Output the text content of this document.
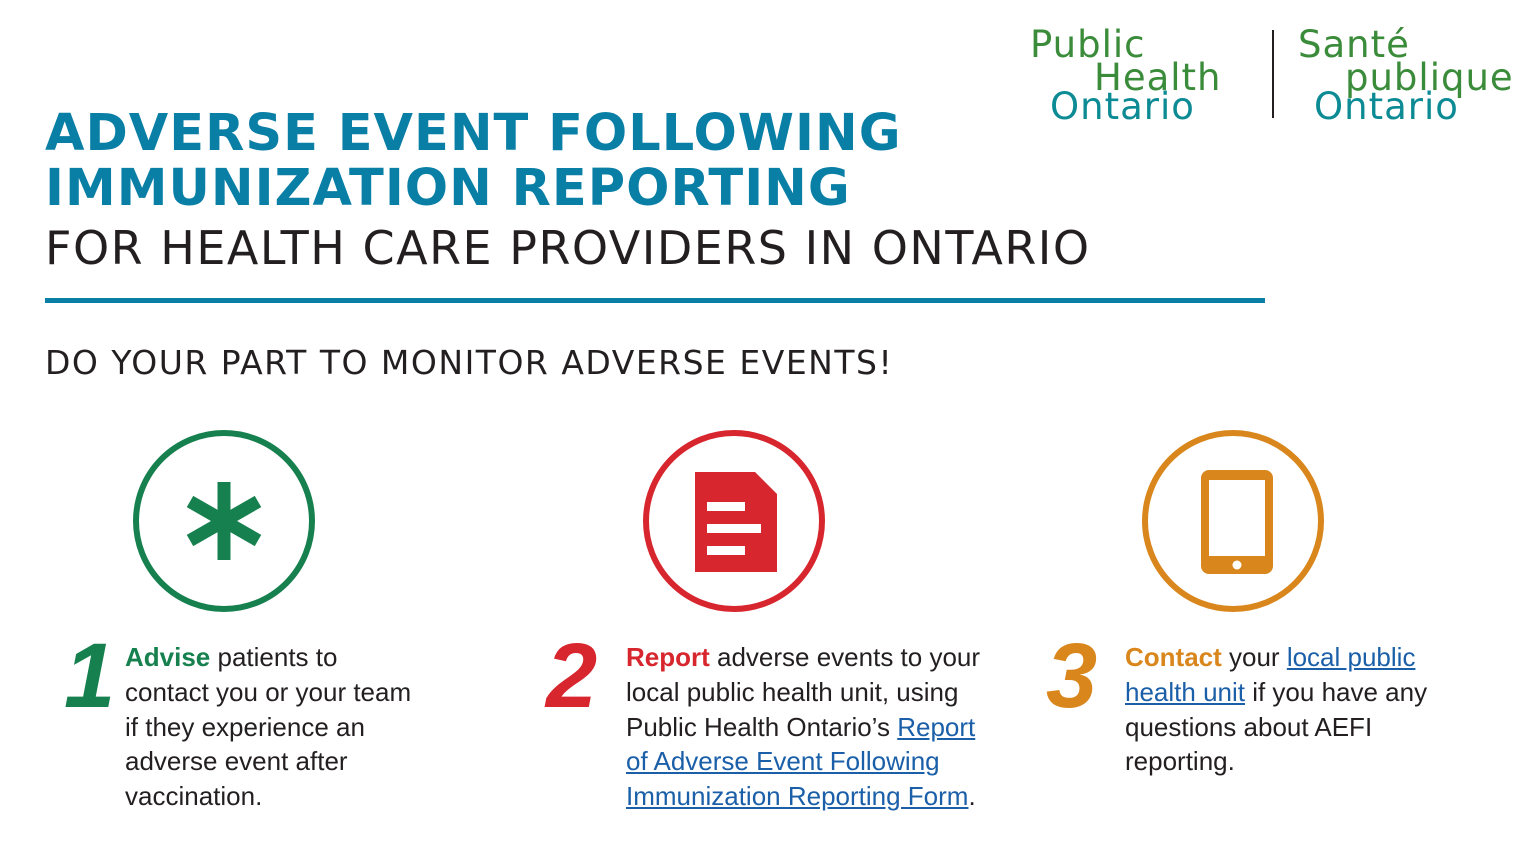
Public
Health
Ontario
Santé
publique
Ontario
ADVERSE EVENT FOLLOWING
IMMUNIZATION REPORTING
FOR HEALTH CARE PROVIDERS IN ONTARIO
DO YOUR PART TO MONITOR ADVERSE EVENTS!
1 Advise patients to contact you or your team if they experience an adverse event after vaccination.
2 Report adverse events to your local public health unit, using Public Health Ontario’s Report of Adverse Event Following Immunization Reporting Form.
3 Contact your local public health unit if you have any questions about AEFI reporting.
